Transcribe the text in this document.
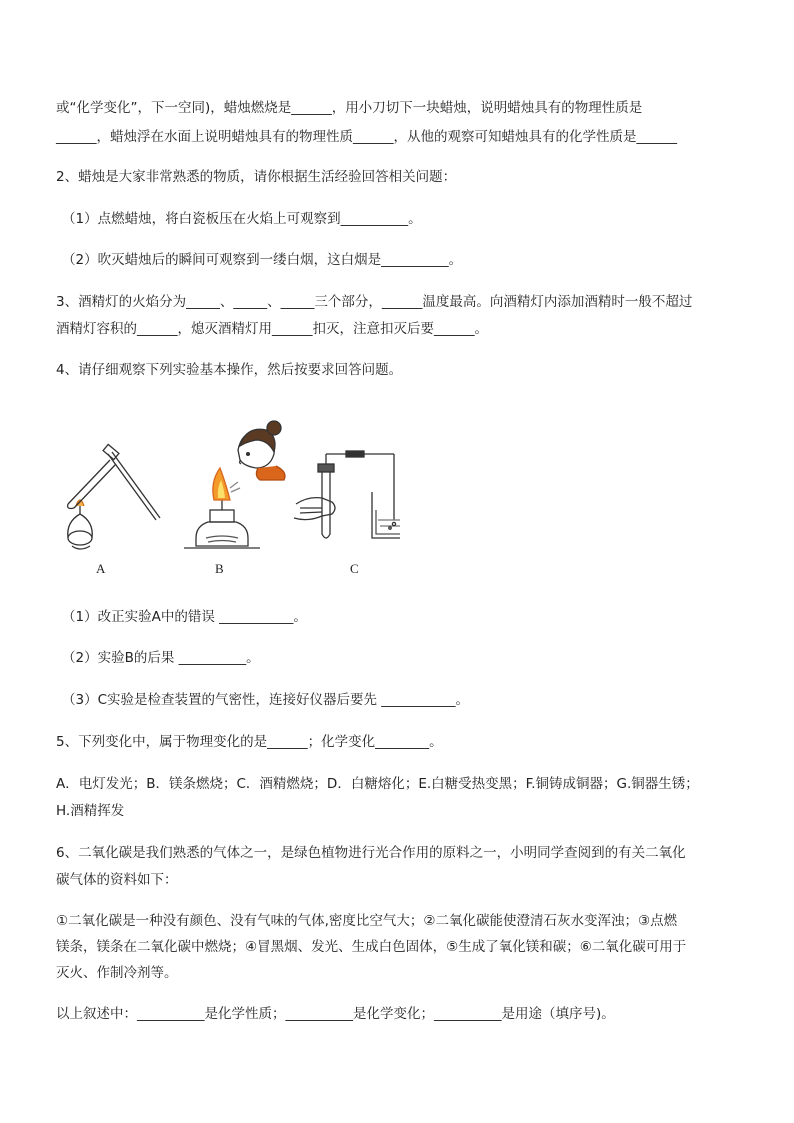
或“化学变化”，下一空同)，蜡烛燃烧是______，用小刀切下一块蜡烛，说明蜡烛具有的物理性质是
______，蜡烛浮在水面上说明蜡烛具有的物理性质______，从他的观察可知蜡烛具有的化学性质是______
2、蜡烛是大家非常熟悉的物质，请你根据生活经验回答相关问题：
（1）点燃蜡烛，将白瓷板压在火焰上可观察到__________。
（2）吹灭蜡烛后的瞬间可观察到一缕白烟，这白烟是__________。
3、酒精灯的火焰分为_____、_____、_____三个部分，______温度最高。向酒精灯内添加酒精时一般不超过
酒精灯容积的______，熄灭酒精灯用______扣灭，注意扣灭后要______。
4、请仔细观察下列实验基本操作，然后按要求回答问题。
A	B	C
（1）改正实验A中的错误 ___________。
（2）实验B的后果 __________。
（3）C实验是检查装置的气密性，连接好仪器后要先 ___________。
5、下列变化中，属于物理变化的是______；化学变化________。
A．电灯发光；B．镁条燃烧；C．酒精燃烧；D．白糖熔化；E.白糖受热变黑；F.铜铸成铜器；G.铜器生锈；
H.酒精挥发
6、二氧化碳是我们熟悉的气体之一，是绿色植物进行光合作用的原料之一，小明同学查阅到的有关二氧化
碳气体的资料如下：
①二氧化碳是一种没有颜色、没有气味的气体,密度比空气大；②二氧化碳能使澄清石灰水变浑浊；③点燃
镁条，镁条在二氧化碳中燃烧；④冒黑烟、发光、生成白色固体，⑤生成了氧化镁和碳；⑥二氧化碳可用于
灭火、作制冷剂等。
以上叙述中：__________是化学性质；__________是化学变化；__________是用途（填序号)。
